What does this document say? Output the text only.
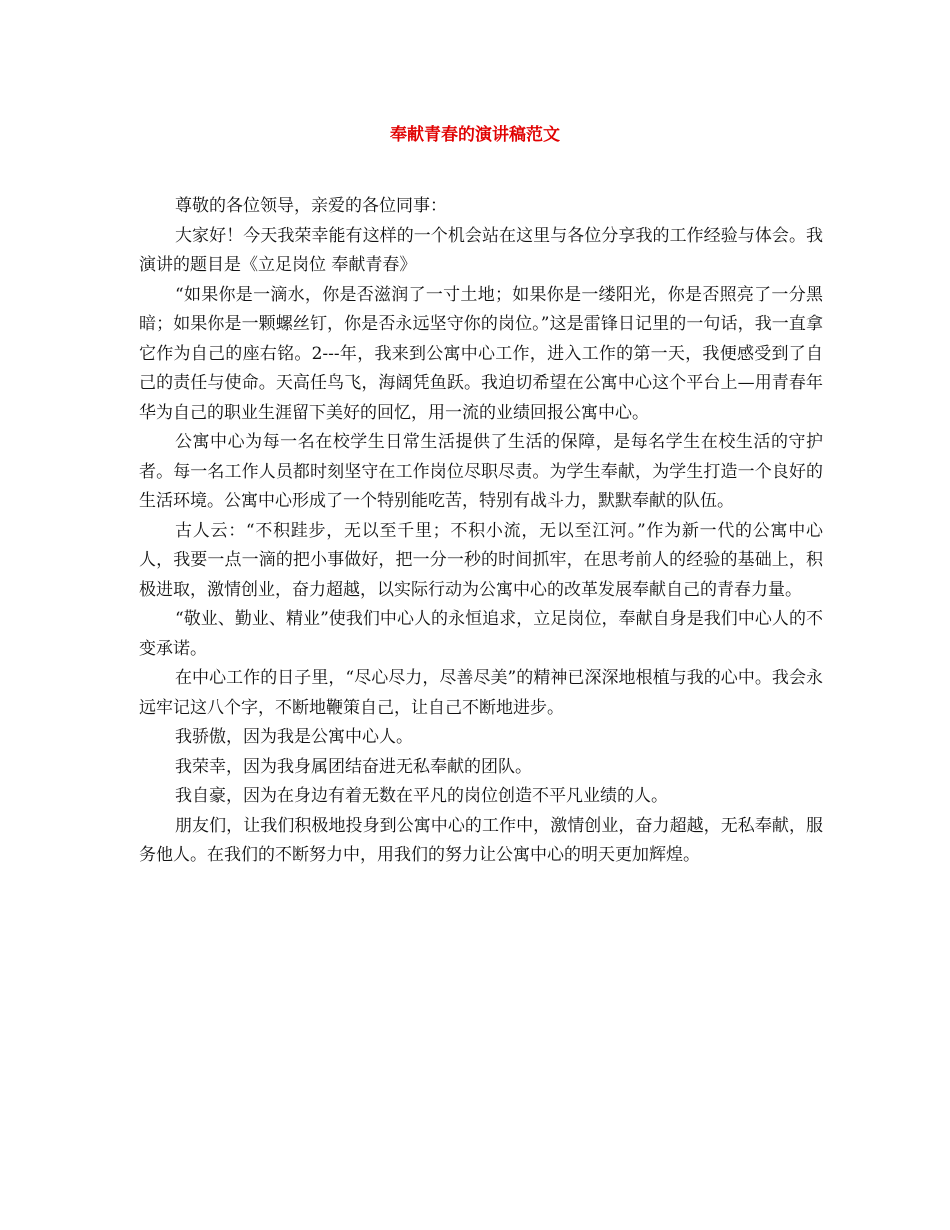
奉献青春的演讲稿范文

尊敬的各位领导，亲爱的各位同事：

大家好！今天我荣幸能有这样的一个机会站在这里与各位分享我的工作经验与体会。我演讲的题目是《立足岗位 奉献青春》

“如果你是一滴水，你是否滋润了一寸土地；如果你是一缕阳光，你是否照亮了一分黑暗；如果你是一颗螺丝钉，你是否永远坚守你的岗位。”这是雷锋日记里的一句话，我一直拿它作为自己的座右铭。2---年，我来到公寓中心工作，进入工作的第一天，我便感受到了自己的责任与使命。天高任鸟飞，海阔凭鱼跃。我迫切希望在公寓中心这个平台上—用青春年华为自己的职业生涯留下美好的回忆，用一流的业绩回报公寓中心。

公寓中心为每一名在校学生日常生活提供了生活的保障，是每名学生在校生活的守护者。每一名工作人员都时刻坚守在工作岗位尽职尽责。为学生奉献，为学生打造一个良好的生活环境。公寓中心形成了一个特别能吃苦，特别有战斗力，默默奉献的队伍。

古人云：“不积跬步，无以至千里；不积小流，无以至江河。”作为新一代的公寓中心人，我要一点一滴的把小事做好，把一分一秒的时间抓牢，在思考前人的经验的基础上，积极进取，激情创业，奋力超越，以实际行动为公寓中心的改革发展奉献自己的青春力量。

“敬业、勤业、精业”使我们中心人的永恒追求，立足岗位，奉献自身是我们中心人的不变承诺。

在中心工作的日子里，“尽心尽力，尽善尽美”的精神已深深地根植与我的心中。我会永远牢记这八个字，不断地鞭策自己，让自己不断地进步。

我骄傲，因为我是公寓中心人。

我荣幸，因为我身属团结奋进无私奉献的团队。

我自豪，因为在身边有着无数在平凡的岗位创造不平凡业绩的人。

朋友们，让我们积极地投身到公寓中心的工作中，激情创业，奋力超越，无私奉献，服务他人。在我们的不断努力中，用我们的努力让公寓中心的明天更加辉煌。
